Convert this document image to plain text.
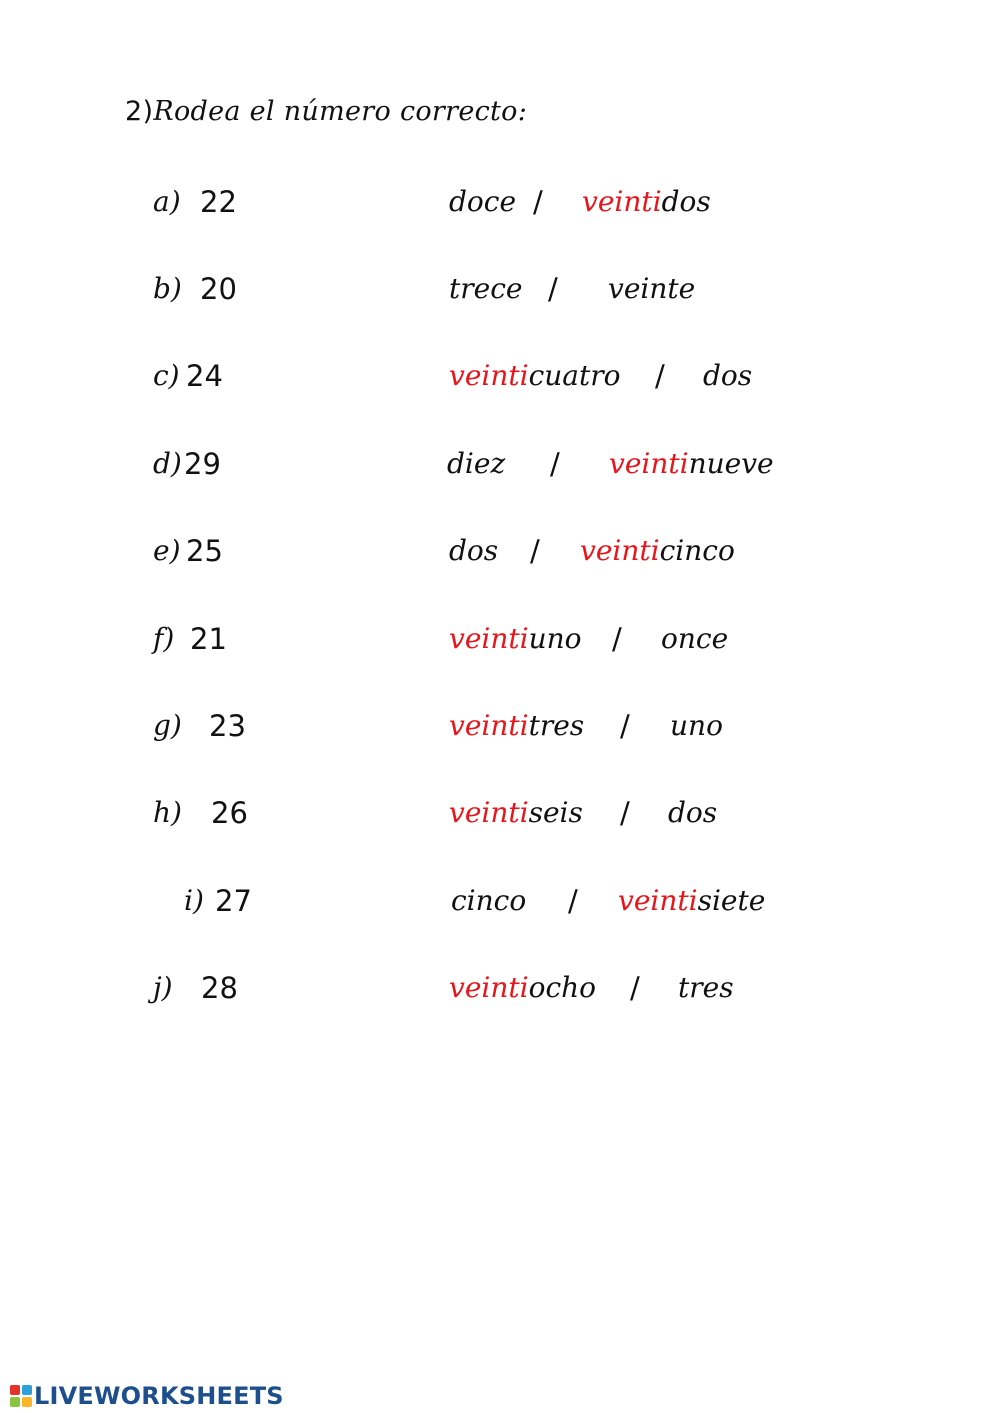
2)Rodea el número correcto:
a) 22	doce / veintidos
b) 20	trece / veinte
c) 24	veinticuatro / dos
d) 29	diez / veintinueve
e) 25	dos / veinticinco
f) 21	veintiuno / once
g) 23	veintitres / uno
h) 26	veintiseis / dos
i) 27	cinco / veintisiete
j) 28	veintiocho / tres
LIVEWORKSHEETS
